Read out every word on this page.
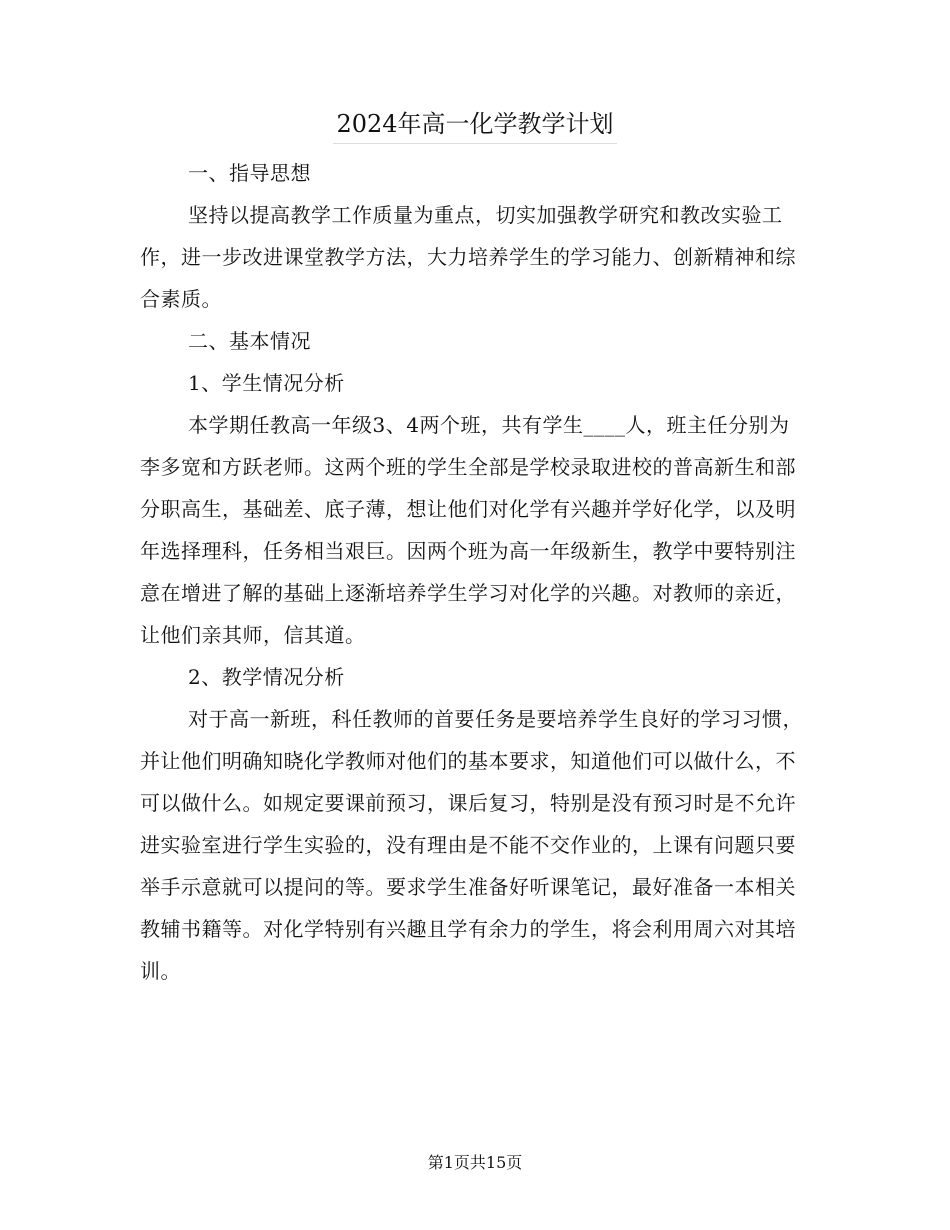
2024年高一化学教学计划

一、指导思想

坚持以提高教学工作质量为重点，切实加强教学研究和教改实验工作，进一步改进课堂教学方法，大力培养学生的学习能力、创新精神和综合素质。

二、基本情况

1、学生情况分析

本学期任教高一年级3、4两个班，共有学生____人，班主任分别为李多宽和方跃老师。这两个班的学生全部是学校录取进校的普高新生和部分职高生，基础差、底子薄，想让他们对化学有兴趣并学好化学，以及明年选择理科，任务相当艰巨。因两个班为高一年级新生，教学中要特别注意在增进了解的基础上逐渐培养学生学习对化学的兴趣。对教师的亲近，让他们亲其师，信其道。

2、教学情况分析

对于高一新班，科任教师的首要任务是要培养学生良好的学习习惯，并让他们明确知晓化学教师对他们的基本要求，知道他们可以做什么，不可以做什么。如规定要课前预习，课后复习，特别是没有预习时是不允许进实验室进行学生实验的，没有理由是不能不交作业的，上课有问题只要举手示意就可以提问的等。要求学生准备好听课笔记，最好准备一本相关教辅书籍等。对化学特别有兴趣且学有余力的学生，将会利用周六对其培训。

第1页共15页
